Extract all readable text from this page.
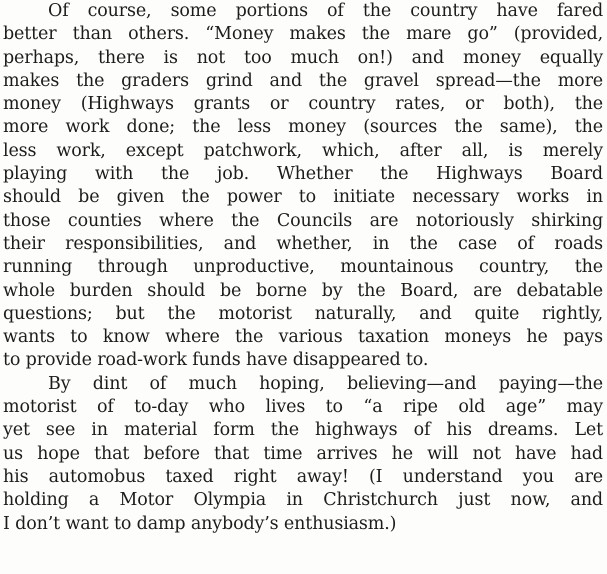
Of course, some portions of the country have fared
better than others. “Money makes the mare go” (provided,
perhaps, there is not too much on!) and money equally
makes the graders grind and the gravel spread—the more
money (Highways grants or country rates, or both), the
more work done; the less money (sources the same), the
less work, except patchwork, which, after all, is merely
playing with the job. Whether the Highways Board
should be given the power to initiate necessary works in
those counties where the Councils are notoriously shirking
their responsibilities, and whether, in the case of roads
running through unproductive, mountainous country, the
whole burden should be borne by the Board, are debatable
questions; but the motorist naturally, and quite rightly,
wants to know where the various taxation moneys he pays
to provide road-work funds have disappeared to.

By dint of much hoping, believing—and paying—the
motorist of to-day who lives to “a ripe old age” may
yet see in material form the highways of his dreams. Let
us hope that before that time arrives he will not have had
his automobus taxed right away! (I understand you are
holding a Motor Olympia in Christchurch just now, and
I don’t want to damp anybody’s enthusiasm.)
